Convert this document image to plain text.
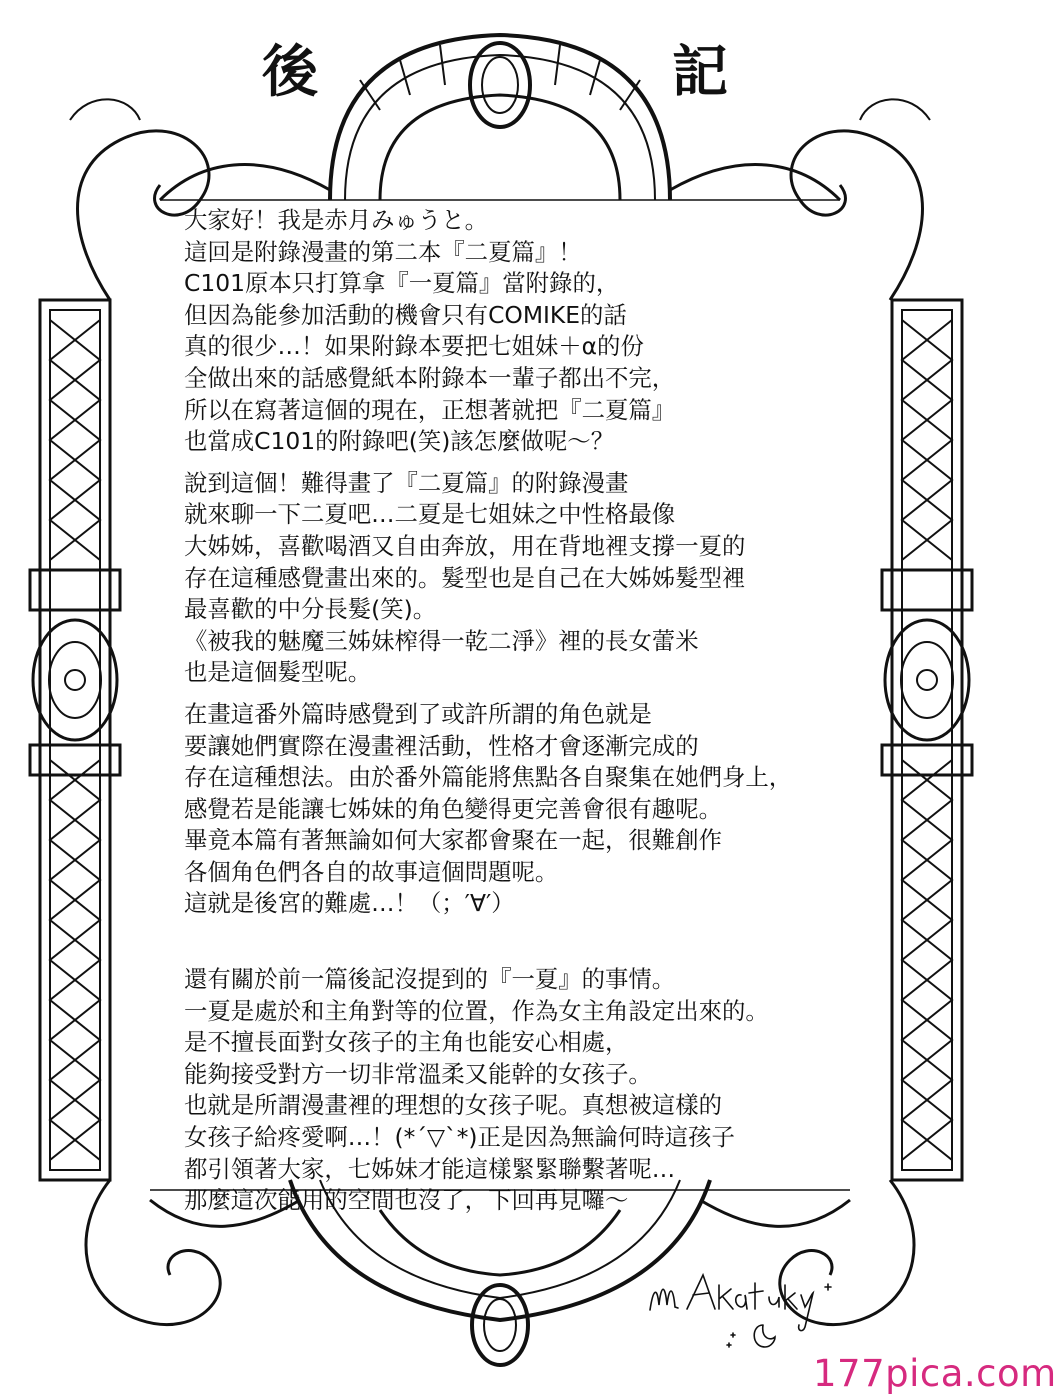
後	記
大家好！我是赤月みゅうと。
這回是附錄漫畫的第二本『二夏篇』！
C101原本只打算拿『一夏篇』當附錄的，
但因為能參加活動的機會只有COMIKE的話
真的很少…！如果附錄本要把七姐妹＋α的份
全做出來的話感覺紙本附錄本一輩子都出不完，
所以在寫著這個的現在，正想著就把『二夏篇』
也當成C101的附錄吧(笑)該怎麼做呢～？
說到這個！難得畫了『二夏篇』的附錄漫畫
就來聊一下二夏吧…二夏是七姐妹之中性格最像
大姊姊，喜歡喝酒又自由奔放，用在背地裡支撐一夏的
存在這種感覺畫出來的。髮型也是自己在大姊姊髮型裡
最喜歡的中分長髮(笑)。
《被我的魅魔三姊妹榨得一乾二淨》裡的長女蕾米
也是這個髮型呢。
在畫這番外篇時感覺到了或許所謂的角色就是
要讓她們實際在漫畫裡活動，性格才會逐漸完成的
存在這種想法。由於番外篇能將焦點各自聚集在她們身上，
感覺若是能讓七姊妹的角色變得更完善會很有趣呢。
畢竟本篇有著無論如何大家都會聚在一起，很難創作
各個角色們各自的故事這個問題呢。
這就是後宮的難處…！（；′∀′）
還有關於前一篇後記沒提到的『一夏』的事情。
一夏是處於和主角對等的位置，作為女主角設定出來的。
是不擅長面對女孩子的主角也能安心相處，
能夠接受對方一切非常溫柔又能幹的女孩子。
也就是所謂漫畫裡的理想的女孩子呢。真想被這樣的
女孩子給疼愛啊…！(*´▽`*)正是因為無論何時這孩子
都引領著大家，七姊妹才能這樣緊緊聯繫著呢…
那麼這次能用的空間也沒了，下回再見囉～
177pica.com
